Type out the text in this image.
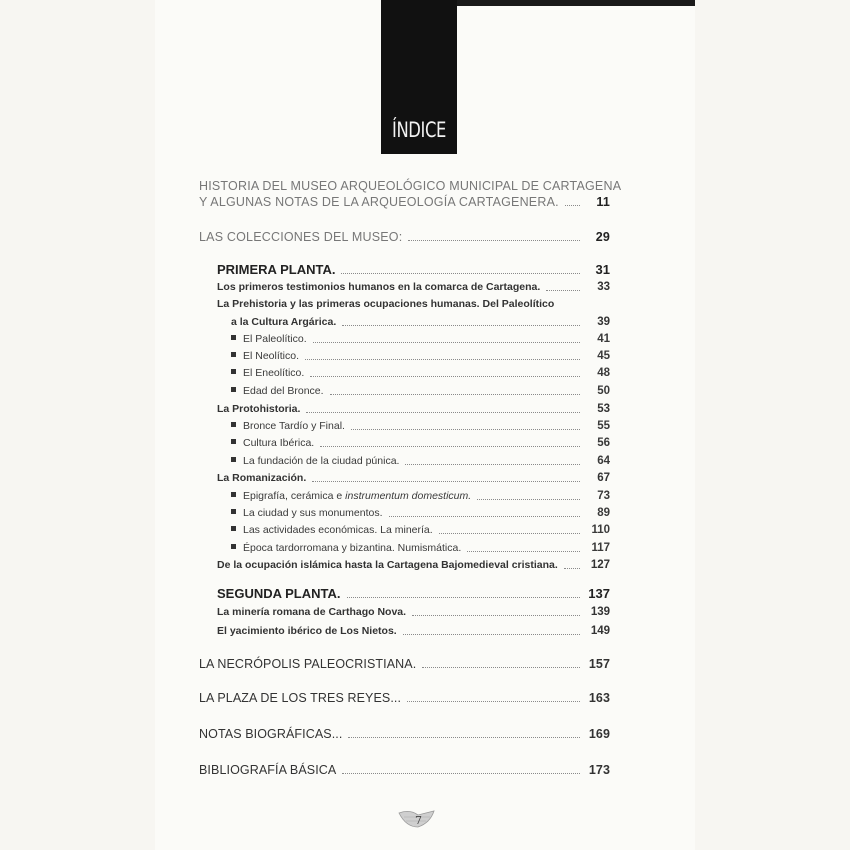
ÍNDICE
HISTORIA DEL MUSEO ARQUEOLÓGICO MUNICIPAL DE CARTAGENA
Y ALGUNAS NOTAS DE LA ARQUEOLOGÍA CARTAGENERA.	11
LAS COLECCIONES DEL MUSEO:	29
PRIMERA PLANTA.	31
Los primeros testimonios humanos en la comarca de Cartagena.	33
La Prehistoria y las primeras ocupaciones humanas. Del Paleolítico
a la Cultura Argárica.	39
El Paleolítico.	41
El Neolítico.	45
El Eneolítico.	48
Edad del Bronce.	50
La Protohistoria.	53
Bronce Tardío y Final.	55
Cultura Ibérica.	56
La fundación de la ciudad púnica.	64
La Romanización.	67
Epigrafía, cerámica e instrumentum domesticum.	73
La ciudad y sus monumentos.	89
Las actividades económicas. La minería.	110
Época tardorromana y bizantina. Numismática.	117
De la ocupación islámica hasta la Cartagena Bajomedieval cristiana.	127
SEGUNDA PLANTA.	137
La minería romana de Carthago Nova.	139
El yacimiento ibérico de Los Nietos.	149
LA NECRÓPOLIS PALEOCRISTIANA.	157
LA PLAZA DE LOS TRES REYES...	163
NOTAS BIOGRÁFICAS...	169
BIBLIOGRAFÍA BÁSICA	173
7
